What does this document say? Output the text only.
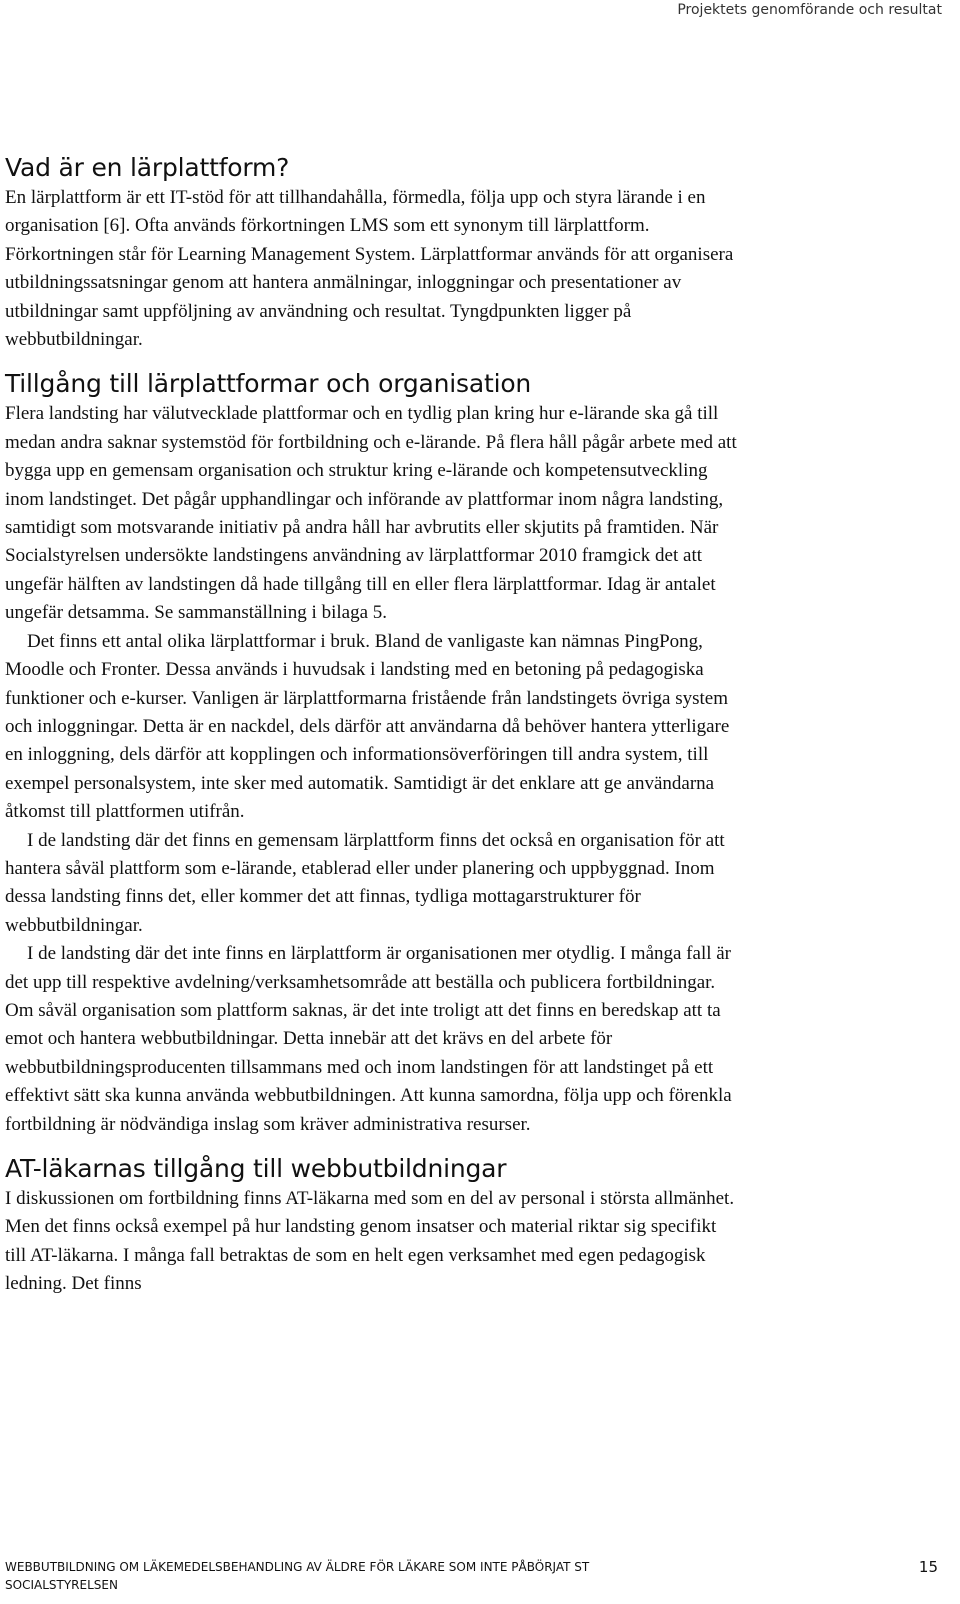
Projektets genomförande och resultat
Vad är en lärplattform?

En lärplattform är ett IT-stöd för att tillhandahålla, förmedla, följa upp och styra lärande i en organisation [6]. Ofta används förkortningen LMS som ett synonym till lärplattform. Förkortningen står för Learning Management System. Lärplattformar används för att organisera utbildningssatsningar genom att hantera anmälningar, inloggningar och presentationer av utbildningar samt uppföljning av användning och resultat. Tyngdpunkten ligger på webbutbildningar.

Tillgång till lärplattformar och organisation

Flera landsting har välutvecklade plattformar och en tydlig plan kring hur e-lärande ska gå till medan andra saknar systemstöd för fortbildning och e-lärande. På flera håll pågår arbete med att bygga upp en gemensam organisation och struktur kring e-lärande och kompetensutveckling inom landstinget. Det pågår upphandlingar och införande av plattformar inom några landsting, samtidigt som motsvarande initiativ på andra håll har avbrutits eller skjutits på framtiden. När Socialstyrelsen undersökte landstingens användning av lärplattformar 2010 framgick det att ungefär hälften av landstingen då hade tillgång till en eller flera lärplattformar. Idag är antalet ungefär detsamma. Se sammanställning i bilaga 5.

Det finns ett antal olika lärplattformar i bruk. Bland de vanligaste kan nämnas PingPong, Moodle och Fronter. Dessa används i huvudsak i landsting med en betoning på pedagogiska funktioner och e-kurser. Vanligen är lärplattformarna fristående från landstingets övriga system och inloggningar. Detta är en nackdel, dels därför att användarna då behöver hantera ytterligare en inloggning, dels därför att kopplingen och informationsöverföringen till andra system, till exempel personalsystem, inte sker med automatik. Samtidigt är det enklare att ge användarna åtkomst till plattformen utifrån.

I de landsting där det finns en gemensam lärplattform finns det också en organisation för att hantera såväl plattform som e-lärande, etablerad eller under planering och uppbyggnad. Inom dessa landsting finns det, eller kommer det att finnas, tydliga mottagarstrukturer för webbutbildningar.

I de landsting där det inte finns en lärplattform är organisationen mer otydlig. I många fall är det upp till respektive avdelning/verksamhetsområde att beställa och publicera fortbildningar. Om såväl organisation som plattform saknas, är det inte troligt att det finns en beredskap att ta emot och hantera webbutbildningar. Detta innebär att det krävs en del arbete för webbutbildningsproducenten tillsammans med och inom landstingen för att landstinget på ett effektivt sätt ska kunna använda webbutbildningen. Att kunna samordna, följa upp och förenkla fortbildning är nödvändiga inslag som kräver administrativa resurser.

AT-läkarnas tillgång till webbutbildningar

I diskussionen om fortbildning finns AT-läkarna med som en del av personal i största allmänhet. Men det finns också exempel på hur landsting genom insatser och material riktar sig specifikt till AT-läkarna. I många fall betraktas de som en helt egen verksamhet med egen pedagogisk ledning. Det finns

WEBBUTBILDNING OM LÄKEMEDELSBEHANDLING AV ÄLDRE FÖR LÄKARE SOM INTE PÅBÖRJAT ST
SOCIALSTYRELSEN
15
